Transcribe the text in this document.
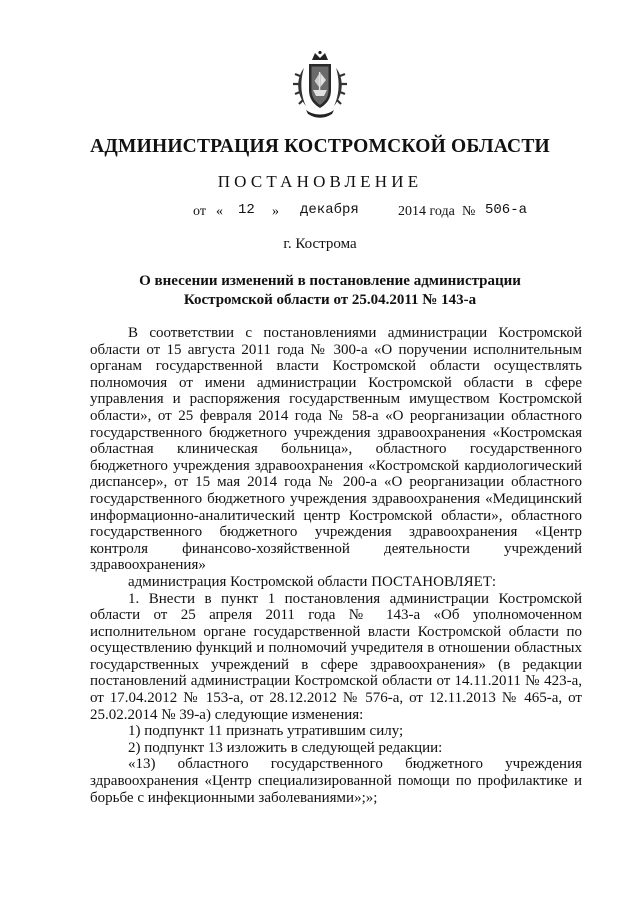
АДМИНИСТРАЦИЯ КОСТРОМСКОЙ ОБЛАСТИ
ПОСТАНОВЛЕНИЕ
от « 12 » декабря	2014 года № 506-а
г. Кострома
О внесении изменений в постановление администрации
Костромской области от 25.04.2011 № 143-а

В соответствии с постановлениями администрации Костромской области от 15 августа 2011 года № 300-а «О поручении исполнительным органам государственной власти Костромской области осуществлять полномочия от имени администрации Костромской области в сфере управления и распоряжения государственным имуществом Костромской области», от 25 февраля 2014 года № 58-а «О реорганизации областного государственного бюджетного учреждения здравоохранения «Костромская областная клиническая больница», областного государственного бюджетного учреждения здравоохранения «Костромской кардиологический диспансер», от 15 мая 2014 года № 200-а «О реорганизации областного государственного бюджетного учреждения здравоохранения «Медицинский информационно-аналитический центр Костромской области», областного государственного бюджетного учреждения здравоохранения «Центр контроля финансово-хозяйственной деятельности учреждений здравоохранения»

администрация Костромской области ПОСТАНОВЛЯЕТ:

1. Внести в пункт 1 постановления администрации Костромской области от 25 апреля 2011 года № 143-а «Об уполномоченном исполнительном органе государственной власти Костромской области по осуществлению функций и полномочий учредителя в отношении областных государственных учреждений в сфере здравоохранения» (в редакции постановлений администрации Костромской области от 14.11.2011 № 423-а, от 17.04.2012 № 153-а, от 28.12.2012 № 576-а, от 12.11.2013 № 465-а, от 25.02.2014 № 39-а) следующие изменения:

1) подпункт 11 признать утратившим силу;

2) подпункт 13 изложить в следующей редакции:

«13) областного государственного бюджетного учреждения здравоохранения «Центр специализированной помощи по профилактике и борьбе с инфекционными заболеваниями»;»;
